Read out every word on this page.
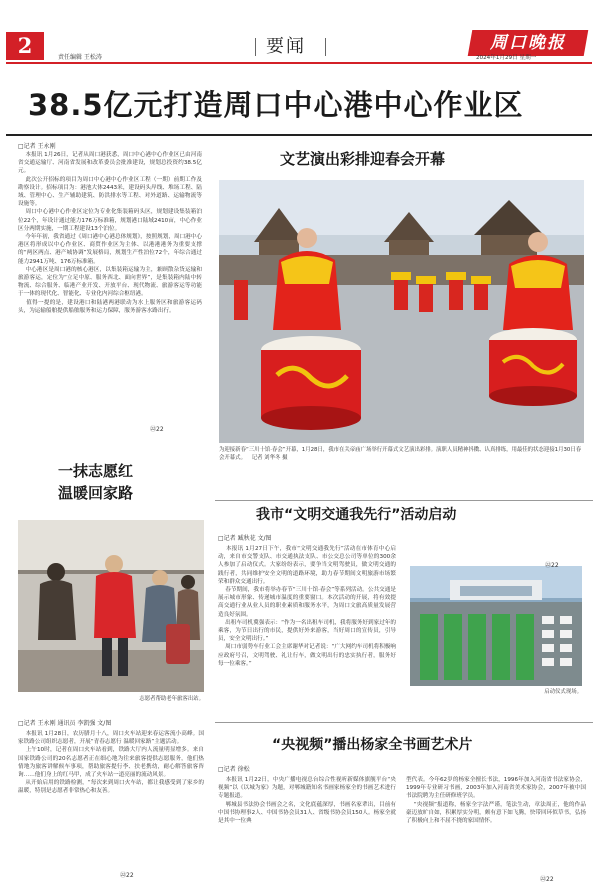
2	责任编辑 王松涛
要闻	周口晚报
2024年1月29日 星期一
38.5亿元打造周口中心港中心作业区
□记者 王永刚
本报讯 1月26日，记者从周口港获悉，周口中心港中心作业区已由河南省交通运输厅、河南省发展和改革委员会批准建设，规划总投资约38.5亿元。
此次公开招标的项目为周口中心港中心作业区工程（一期）前期工作及勘察设计。招标项目为：港池大体2443米，建设码头岸线、堆场工程、陆域、管理中心、生产辅助建筑、防洪排水等工程、对外道路、运输物流等设施等。
周口中心港中心作业区定位为专业化集装箱码头区，规划建设集装箱泊位22个，年设计通过能力176万标准箱，规划港口陆域2410亩，中心作业区分两期实施，一期工程建设13个泊位。
今年年初，我省通过《周口港中心港总体规划》，按照规划，周口港中心港区将形成以中心作业区、商贸作业区为主体、以港港港务为重要支撑的“两区两点、港产城协调”发展格局，规划生产性泊位72个，年综合通过能力2941万吨、176万标准箱。
中心港区是周口港的核心港区，以集装箱运输为主，兼顾散杂货运输和旅游客运，定位为“立足中原、服务西北、面向世界”，是集装箱内陆中转物流、综合服务、临港产业开发、开放平台、现代物流、旅游客运等功能于一体的现代化、智能化、专业化内河综合枢纽港。
值得一提的是，建设港口和陆港两港联动为水上服务区和旅游客运码头，为运输船舶提供船舶服务和运力保障，服务游客水路出行。
㉒22
文艺演出彩排迎春会开幕
为迎接新春“三川十馆·春会”开幕，1月28日，我市在关帝庙广场举行开幕式文艺演出彩排。演职人员精神抖擞、认真排练，用最佳的状态迎接1月30日春会开幕式。 记者 刘华冬 摄
一抹志愿红
温暖回家路
志愿者帮助老年旅客出站。
□记者 王永刚 通讯员 李凯强 文/图
本报讯 1月28日，农历腊月十八，周口火车站迎来春运客流小高峰。国家铁路公司组织志愿者，开展“青春志愿行 温暖回家路”主题活动。
上午10时，记者在周口火车站看到，铁路大厅内人流量明显增多。来自国家铁路公司的20名志愿者正在细心地为往来旅客提供志愿服务，他们热情地为旅客讲解候车事项，帮助旅客提行李、扶老携幼，耐心解答旅客咨询……他们身上的红马甲，成了火车站一道亮丽的流动风景。
从开始启用的铁路检测，“每次来到周口火车站，都让我感受到了家乡的温暖，特别是志愿者非常热心和友善。
㉒22
我市“文明交通我先行”活动启动
□记者 臧秋花 文/图
本报讯 1月27日下午，我市“文明交通我先行”活动在市体育中心启动，来自市交警支队、市交通执法支队、市公交总公司等单位的300余人参加了启动仪式。大家纷纷表示，要争当文明驾驶员，做文明交通的践行者，共同维护安全文明的道路环境，助力春节期间文明旅游市场繁荣和群众交通出行。
春节期间，我市将举办春节“三川十馆·春会”等系列活动。公共交通是展示城市形象、传递城市温度的重要窗口。本次活动的开展，将有效提高交通行业从业人员的职业素质和服务水平，为周口文旅高质量发展营造良好氛围。
出租车司机冀强表示：“作为一名出租车司机，我将服务好到家过年的乘客，为节日出行的市民，提供好外来游客，当好周口的宣传员，引导员，安全文明出行。”
周口市弱势车行业工会主席谢华对记者说：“广大网约车司机将积极响应政府号召，文明驾驶、礼让行车，做文明出行的忠实执行者，服务好每一位乘客。”
启动仪式现场。
㉒22
“央视频”播出杨家全书画艺术片
□记者 徐松
本报讯 1月22日，中央广播电视总台综合性视听新媒体旗舰平台“央视频”以《以城为家》为题，对郸城籍知名书画家杨家全的书画艺术进行专题报道。
郸城县书法协会书画会之名，文化底蕴深厚，书画名家辈出，目前有中国书协理事2人、中国书协会员31人、省级书协会员150人。杨家全就是其中一位典
型代表。今年62岁的杨家全擅长书法，1996年加入河南省书法家协会，1999年专业研习书画，2003年加入河南省美术家协会，2007年被中国书法院聘为主任研修班学员。
“央视频”报道称，杨家全字法严谨，笔法生动，章法周正，他的作品豪迈放旷自如，积累厚实分明，颇有意下如飞腾，快带回环似草书，弘扬了积极向上和不屈不挠的家国情怀。
㉒22
